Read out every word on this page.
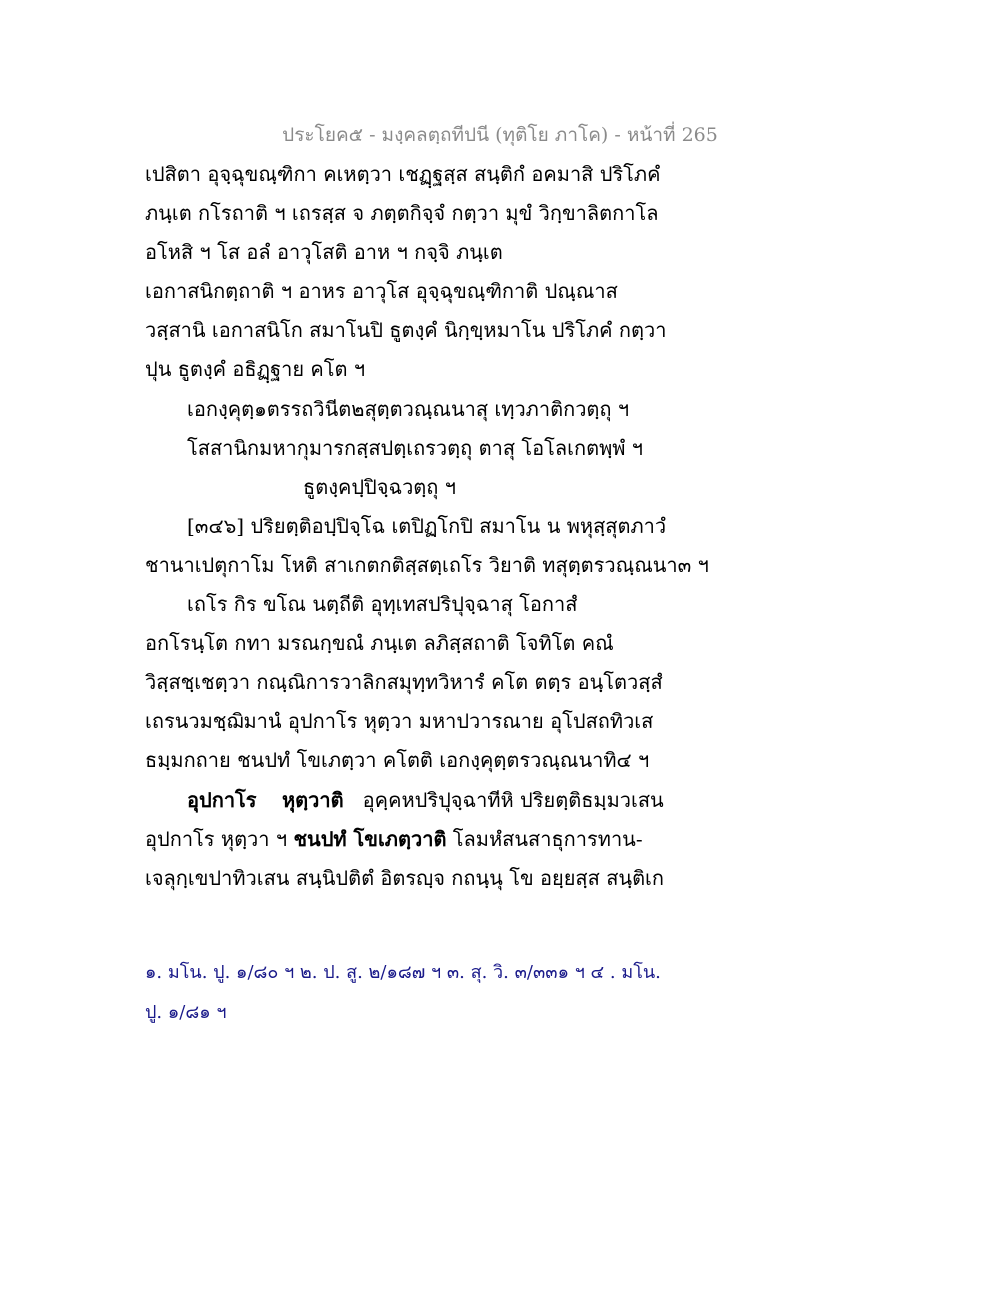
ประโยค๕ - มงฺคลตฺถทีปนี (ทุติโย ภาโค) - หน้าที่ 265
เปสิตา อุจฺฉุขณฺฑิกา คเหตฺวา เชฏฺฐสฺส สนฺติกํ อคมาสิ ปริโภคํ
ภนฺเต กโรถาติ ฯ เถรสฺส จ ภตฺตกิจฺจํ กตฺวา มุขํ วิกฺขาลิตกาโล
อโหสิ ฯ โส อลํ อาวุโสติ อาห ฯ กจฺจิ ภนฺเต
เอกาสนิกตฺถาติ ฯ อาหร อาวุโส อุจฺฉุขณฺฑิกาติ ปณฺณาส
วสฺสานิ เอกาสนิโก สมาโนปิ ธูตงฺคํ นิกฺขฺหมาโน ปริโภคํ กตฺวา
ปุน ธูตงฺคํ อธิฏฺฐาย คโต ฯ
เอกงฺคุตฺ๑ตรรถวินีต๒สุตฺตวณฺณนาสุ เทฺวภาติกวตฺถุ ฯ
โสสานิกมหากุมารกสฺสปตฺเถรวตฺถุ ตาสุ โอโลเกตพฺพํ ฯ
ธูตงฺคปฺปิจฺฉวตฺถุ ฯ
[๓๔๖] ปริยตฺติอปฺปิจฺโฉ เตปิฏโกปิ สมาโน น พหุสฺสุตภาวํ
ชานาเปตุกาโม โหติ สาเกตกติสฺสตฺเถโร วิยาติ ทสุตฺตรวณฺณนา๓ ฯ
เถโร กิร ขโณ นตฺถีติ อุทฺเทสปริปุจฺฉาสุ โอกาสํ
อกโรนฺโต กทา มรณกฺขณํ ภนฺเต ลภิสฺสถาติ โจทิโต คณํ
วิสฺสชฺเชตฺวา กณฺณิการวาลิกสมุทฺทวิหารํ คโต ตตฺร อนฺโตวสฺสํ
เถรนวมชฺฌิมานํ อุปกาโร หุตฺวา มหาปวารณาย อุโปสถทิวเส
ธมฺมกถาย ชนปทํ โขเภตฺวา คโตติ เอกงฺคุตฺตรวณฺณนาทิ๔ ฯ
อุปกาโร หุตฺวาติ อุคฺคหปริปุจฺฉาทีหิ ปริยตฺติธมฺมวเสน
อุปกาโร หุตฺวา ฯ ชนปทํ โขเภตฺวาติ โลมหํสนสาธุการทาน-
เจลุกฺเขปาทิวเสน สนฺนิปติตํ อิตรญฺจ กถนฺนุ โข อยฺยสฺส สนฺติเก
๑. มโน. ปู. ๑/๘๐ ฯ ๒. ป. สู. ๒/๑๘๗ ฯ ๓. สุ. วิ. ๓/๓๓๑ ฯ ๔ . มโน.
ปู. ๑/๘๑ ฯ
